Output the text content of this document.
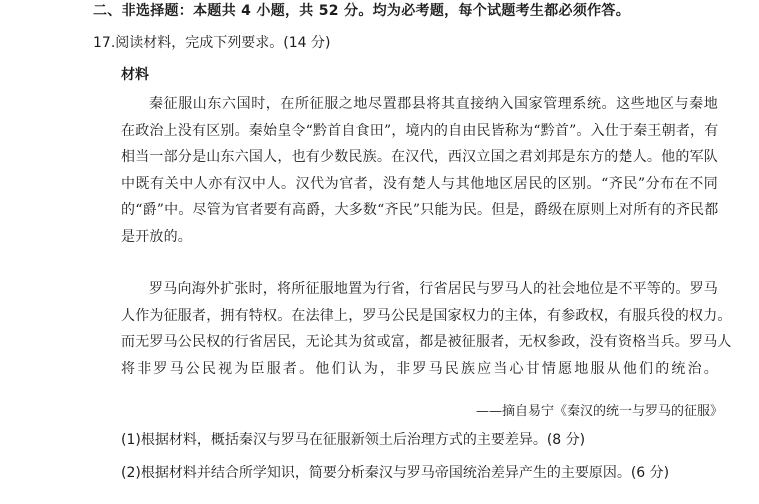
二、非选择题：本题共 4 小题，共 52 分。均为必考题，每个试题考生都必须作答。
17.阅读材料，完成下列要求。(14 分)
材料
秦征服山东六国时，在所征服之地尽置郡县将其直接纳入国家管理系统。这些地区与秦地
在政治上没有区别。秦始皇令“黔首自食田”，境内的自由民皆称为“黔首”。入仕于秦王朝者，有
相当一部分是山东六国人，也有少数民族。在汉代，西汉立国之君刘邦是东方的楚人。他的军队
中既有关中人亦有汉中人。汉代为官者，没有楚人与其他地区居民的区别。“齐民”分布在不同
的“爵”中。尽管为官者要有高爵，大多数“齐民”只能为民。但是，爵级在原则上对所有的齐民都
是开放的。
罗马向海外扩张时，将所征服地置为行省，行省居民与罗马人的社会地位是不平等的。罗马
人作为征服者，拥有特权。在法律上，罗马公民是国家权力的主体，有参政权，有服兵役的权力。
而无罗马公民权的行省居民，无论其为贫或富，都是被征服者，无权参政，没有资格当兵。罗马人
将非罗马公民视为臣服者。他们认为，非罗马民族应当心甘情愿地服从他们的统治。
——摘自易宁《秦汉的统一与罗马的征服》
(1)根据材料，概括秦汉与罗马在征服新领土后治理方式的主要差异。(8 分)
(2)根据材料并结合所学知识，简要分析秦汉与罗马帝国统治差异产生的主要原因。(6 分)
